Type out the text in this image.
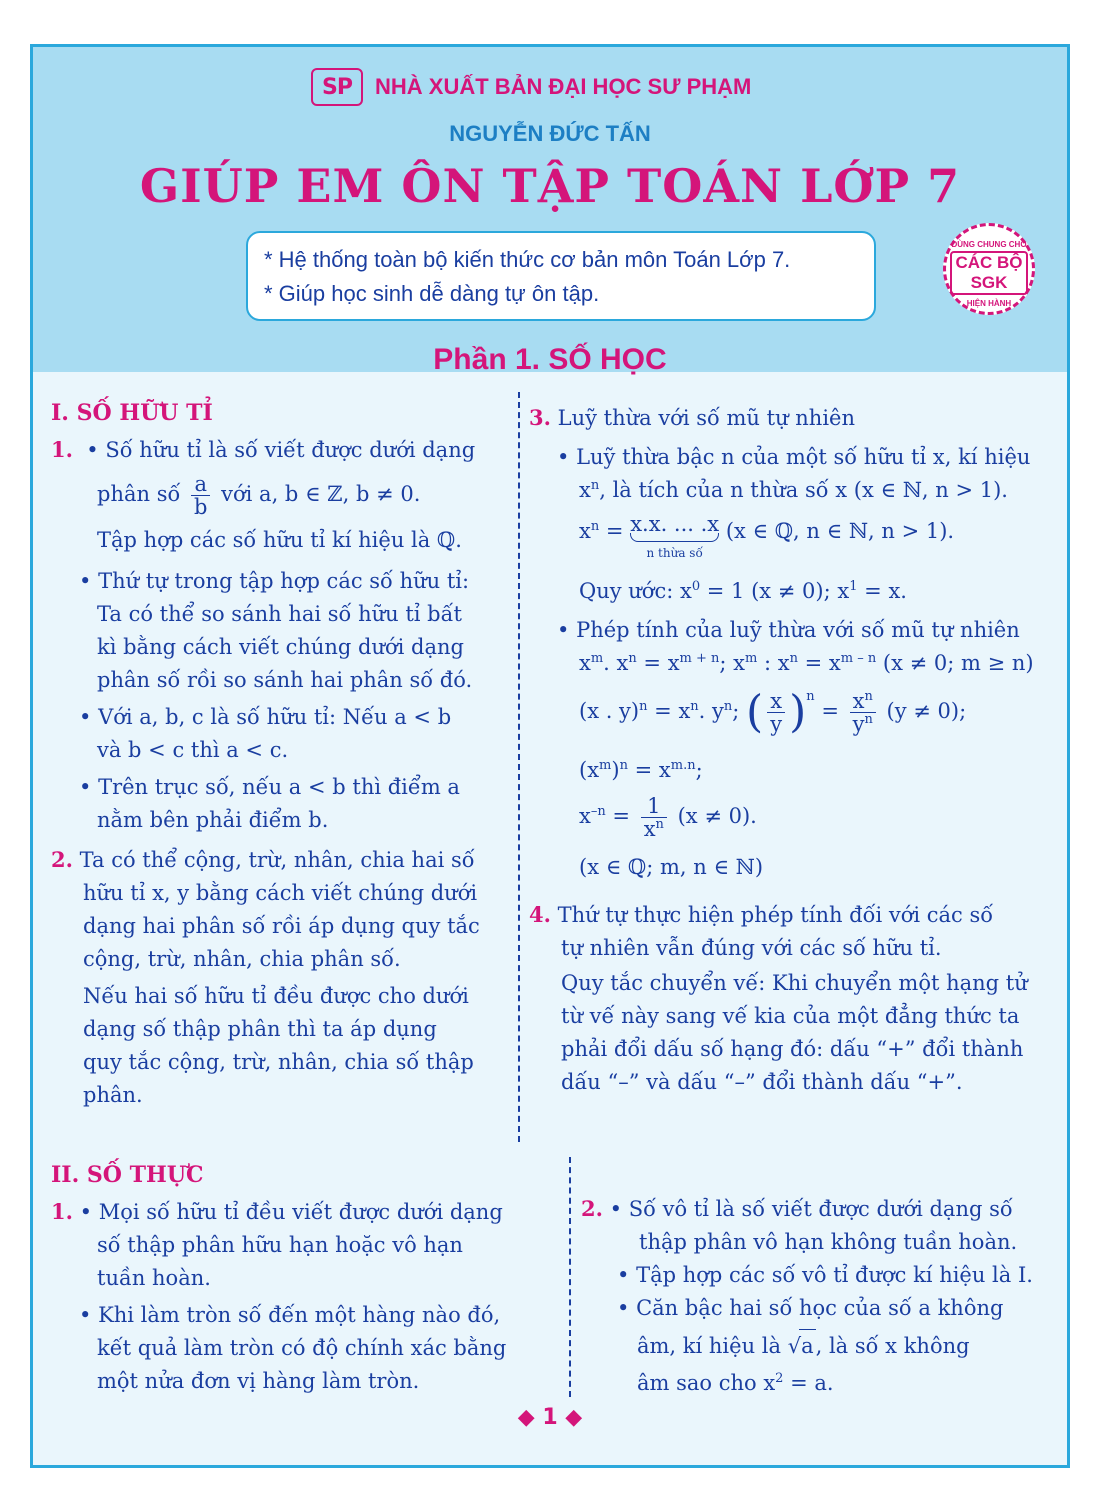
SP	NHÀ XUẤT BẢN ĐẠI HỌC SƯ PHẠM
NGUYỄN ĐỨC TẤN
GIÚP EM ÔN TẬP TOÁN LỚP 7
* Hệ thống toàn bộ kiến thức cơ bản môn Toán Lớp 7.
* Giúp học sinh dễ dàng tự ôn tập.
DÙNG CHUNG CHO
CÁC BỘ SGK
HIỆN HÀNH
Phần 1. SỐ HỌC
I. SỐ HỮU TỈ
1.  • Số hữu tỉ là số viết được dưới dạng
phân số $\frac{a}{b}$ với a, b ∈ ℤ, b ≠ 0.
Tập hợp các số hữu tỉ kí hiệu là ℚ.
• Thứ tự trong tập hợp các số hữu tỉ:
Ta có thể so sánh hai số hữu tỉ bất
kì bằng cách viết chúng dưới dạng
phân số rồi so sánh hai phân số đó.
• Với a, b, c là số hữu tỉ: Nếu a < b
và b < c thì a < c.
• Trên trục số, nếu a < b thì điểm a
nằm bên phải điểm b.
2. Ta có thể cộng, trừ, nhân, chia hai số
hữu tỉ x, y bằng cách viết chúng dưới
dạng hai phân số rồi áp dụng quy tắc
cộng, trừ, nhân, chia phân số.
Nếu hai số hữu tỉ đều được cho dưới
dạng số thập phân thì ta áp dụng
quy tắc cộng, trừ, nhân, chia số thập
phân.
3. Luỹ thừa với số mũ tự nhiên
• Luỹ thừa bậc n của một số hữu tỉ x, kí hiệu
$x^n$, là tích của n thừa số x (x ∈ ℕ, n > 1).
$x^n = x.x$. ... .x
n thừa số
(x ∈ ℚ, n ∈ ℕ, n > 1).
Quy ước: $x^0 = 1$ (x ≠ 0); $x^1 = x$.
• Phép tính của luỹ thừa với số mũ tự nhiên
$x^m$. $x^n = x^{m + n}$; $x^m$ : $x^n = x^{m - n}$ (x ≠ 0; m ≥ n)
(x . $y)^n = x^n$. $y^n$; ( $\frac{x}{y} )^n = \frac{x^n}{y^n} (y \ne 0)$;
$(x^m)^n = x^{m.n}$;
$x^{-n} = \frac{1}{x^n} (x \ne 0)$.
(x ∈ ℚ; m, n ∈ ℕ)
4. Thứ tự thực hiện phép tính đối với các số
tự nhiên vẫn đúng với các số hữu tỉ.
Quy tắc chuyển vế: Khi chuyển một hạng tử
từ vế này sang vế kia của một đẳng thức ta
phải đổi dấu số hạng đó: dấu “+” đổi thành
dấu “–” và dấu “–” đổi thành dấu “+”.
II. SỐ THỰC
1. • Mọi số hữu tỉ đều viết được dưới dạng
số thập phân hữu hạn hoặc vô hạn
tuần hoàn.
• Khi làm tròn số đến một hàng nào đó,
kết quả làm tròn có độ chính xác bằng
một nửa đơn vị hàng làm tròn.
2. • Số vô tỉ là số viết được dưới dạng số
thập phân vô hạn không tuần hoàn.
• Tập hợp các số vô tỉ được kí hiệu là I.
• Căn bậc hai số học của số a không
âm, kí hiệu là √a, là số x không
âm sao cho $x^2 = a$.
◆ 1 ◆
